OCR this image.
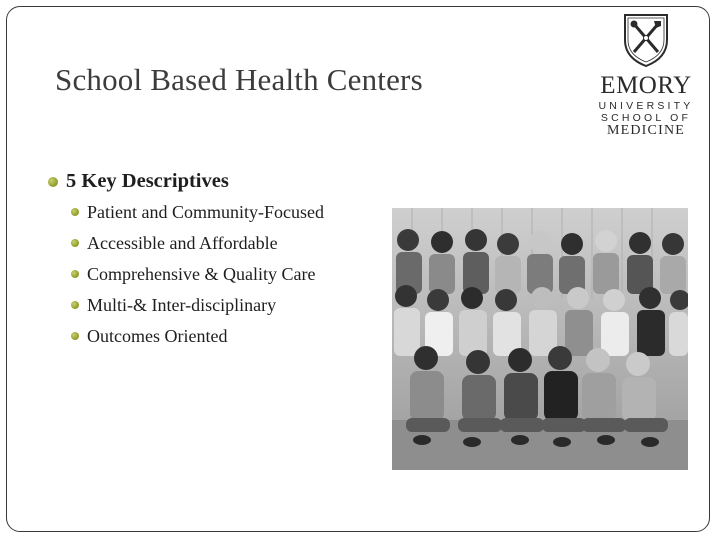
School Based Health Centers	EMORY
UNIVERSITY
SCHOOL OF
MEDICINE
5 Key Descriptives
Patient and Community-Focused
Accessible and Affordable
Comprehensive & Quality Care
Multi-& Inter-disciplinary
Outcomes Oriented
